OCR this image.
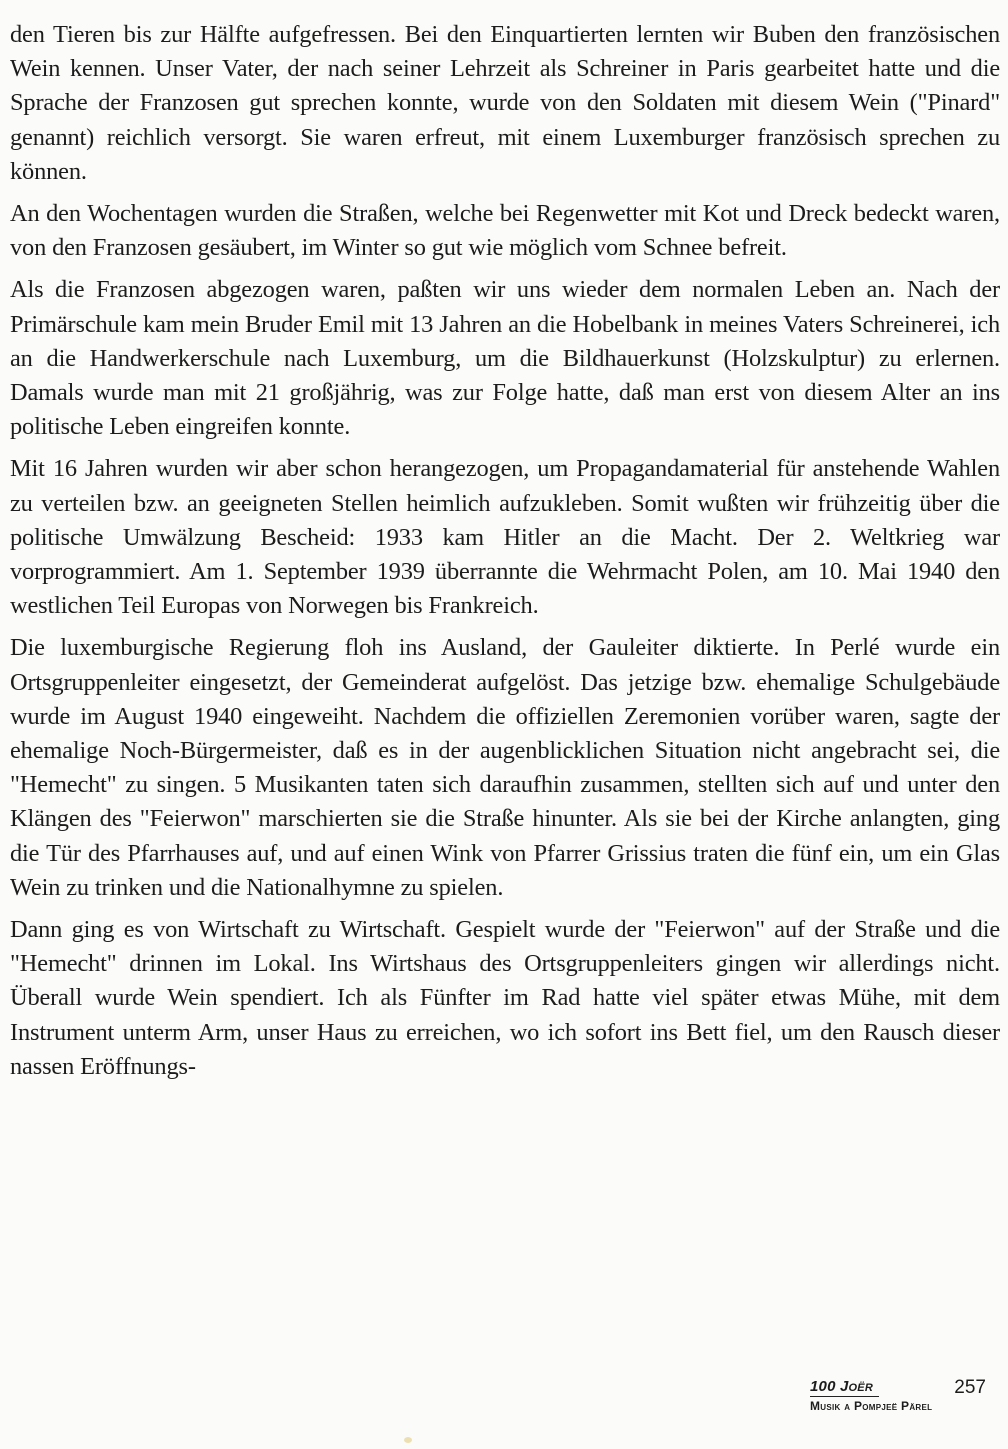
den Tieren bis zur Hälfte aufgefressen. Bei den Einquartierten lernten wir Buben den französischen Wein kennen. Unser Vater, der nach seiner Lehrzeit als Schreiner in Paris gearbeitet hatte und die Sprache der Franzosen gut sprechen konnte, wurde von den Soldaten mit diesem Wein ("Pinard" genannt) reichlich versorgt. Sie waren erfreut, mit einem Luxemburger französisch sprechen zu können.

An den Wochentagen wurden die Straßen, welche bei Regenwetter mit Kot und Dreck bedeckt waren, von den Franzosen gesäubert, im Winter so gut wie möglich vom Schnee befreit.

Als die Franzosen abgezogen waren, paßten wir uns wieder dem normalen Leben an. Nach der Primärschule kam mein Bruder Emil mit 13 Jahren an die Hobelbank in meines Vaters Schreinerei, ich an die Handwerkerschule nach Luxemburg, um die Bildhauerkunst (Holzskulptur) zu erlernen. Damals wurde man mit 21 großjährig, was zur Folge hatte, daß man erst von diesem Alter an ins politische Leben eingreifen konnte.

Mit 16 Jahren wurden wir aber schon herangezogen, um Propagandamaterial für anstehende Wahlen zu verteilen bzw. an geeigneten Stellen heimlich aufzukleben. Somit wußten wir frühzeitig über die politische Umwälzung Bescheid: 1933 kam Hitler an die Macht. Der 2. Weltkrieg war vorprogrammiert. Am 1. September 1939 überrannte die Wehrmacht Polen, am 10. Mai 1940 den westlichen Teil Europas von Norwegen bis Frankreich.

Die luxemburgische Regierung floh ins Ausland, der Gauleiter diktierte. In Perlé wurde ein Ortsgruppenleiter eingesetzt, der Gemeinderat aufgelöst. Das jetzige bzw. ehemalige Schulgebäude wurde im August 1940 eingeweiht. Nachdem die offiziellen Zeremonien vorüber waren, sagte der ehemalige Noch-Bürgermeister, daß es in der augenblicklichen Situation nicht angebracht sei, die "Hemecht" zu singen. 5 Musikanten taten sich daraufhin zusammen, stellten sich auf und unter den Klängen des "Feierwon" marschierten sie die Straße hinunter. Als sie bei der Kirche anlangten, ging die Tür des Pfarrhauses auf, und auf einen Wink von Pfarrer Grissius traten die fünf ein, um ein Glas Wein zu trinken und die Nationalhymne zu spielen.

Dann ging es von Wirtschaft zu Wirtschaft. Gespielt wurde der "Feierwon" auf der Straße und die "Hemecht" drinnen im Lokal. Ins Wirtshaus des Ortsgruppenleiters gingen wir allerdings nicht. Überall wurde Wein spendiert. Ich als Fünfter im Rad hatte viel später etwas Mühe, mit dem Instrument unterm Arm, unser Haus zu erreichen, wo ich sofort ins Bett fiel, um den Rausch dieser nassen Eröffnungs-

100 Joër	257
Musik a Pompjeë Pärel
